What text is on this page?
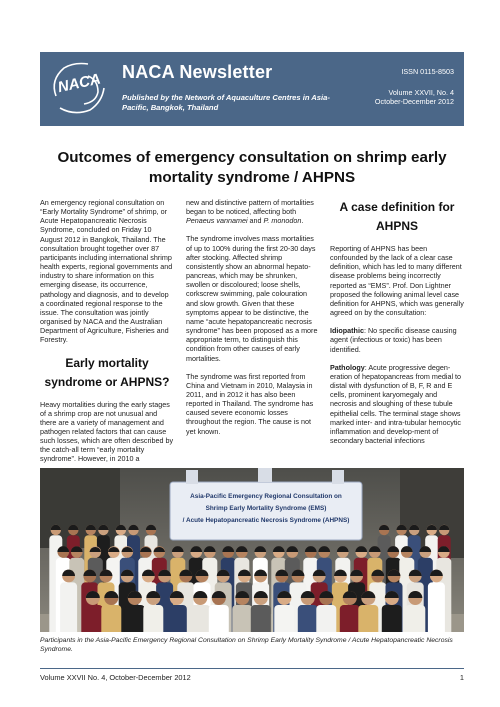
NACA NACA Newsletter
Published by the Network of Aquaculture Centres in Asia-Pacific, Bangkok, Thailand
ISSN 0115-8503
Volume XXVII, No. 4
October-December 2012
Outcomes of emergency consultation on shrimp early mortality syndrome / AHPNS

An emergency regional consultation on “Early Mortality Syndrome” of shrimp, or Acute Hepatopancreatic Necrosis Syndrome, concluded on Friday 10 August 2012 in Bangkok, Thailand. The consultation brought together over 87 participants including international shrimp health experts, regional governments and industry to share information on this emerging disease, its occurrence, pathology and diagnosis, and to develop a coordinated regional response to the issue. The consultation was jointly organised by NACA and the Australian Department of Agriculture, Fisheries and Forestry.

Early mortality syndrome or AHPNS?

Heavy mortalities during the early stages of a shrimp crop are not unusual and there are a variety of management and pathogen related factors that can cause such losses, which are often described by the catch-all term “early mortality syndrome”. However, in 2010 a

new and distinctive pattern of mortalities began to be noticed, affecting both Penaeus vannamei and P. monodon.

The syndrome involves mass mortalities of up to 100% during the first 20-30 days after stocking. Affected shrimp consistently show an abnormal hepato-pancreas, which may be shrunken, swollen or discoloured; loose shells, corkscrew swimming, pale colouration and slow growth. Given that these symptoms appear to be distinctive, the name “acute hepatopancreatic necrosis syndrome” has been proposed as a more appropriate term, to distinguish this condition from other causes of early mortalities.

The syndrome was first reported from China and Vietnam in 2010, Malaysia in 2011, and in 2012 it has also been reported in Thailand. The syndrome has caused severe economic losses throughout the region. The cause is not yet known.

A case definition for AHPNS

Reporting of AHPNS has been confounded by the lack of a clear case definition, which has led to many different disease problems being incorrectly reported as “EMS”. Prof. Don Lightner proposed the following animal level case definition for AHPNS, which was generally agreed on by the consultation:

Idiopathic: No specific disease causing agent (infectious or toxic) has been identified.

Pathology: Acute progressive degen-eration of hepatopancreas from medial to distal with dysfunction of B, F, R and E cells, prominent karyomegaly and necrosis and sloughing of these tubule epithelial cells. The terminal stage shows marked inter- and intra-tubular hemocytic inflammation and develop-ment of secondary bacterial infections

Asia-Pacific Emergency Regional Consultation on
Shrimp Early Mortality Syndrome (EMS)
/ Acute Hepatopancreatic Necrosis Syndrome (AHPNS)
Participants in the Asia-Pacific Emergency Regional Consultation on Shrimp Early Mortality Syndrome / Acute Hepatopancreatic Necrosis Syndrome.
Volume XXVII No. 4, October-December 2012	1
